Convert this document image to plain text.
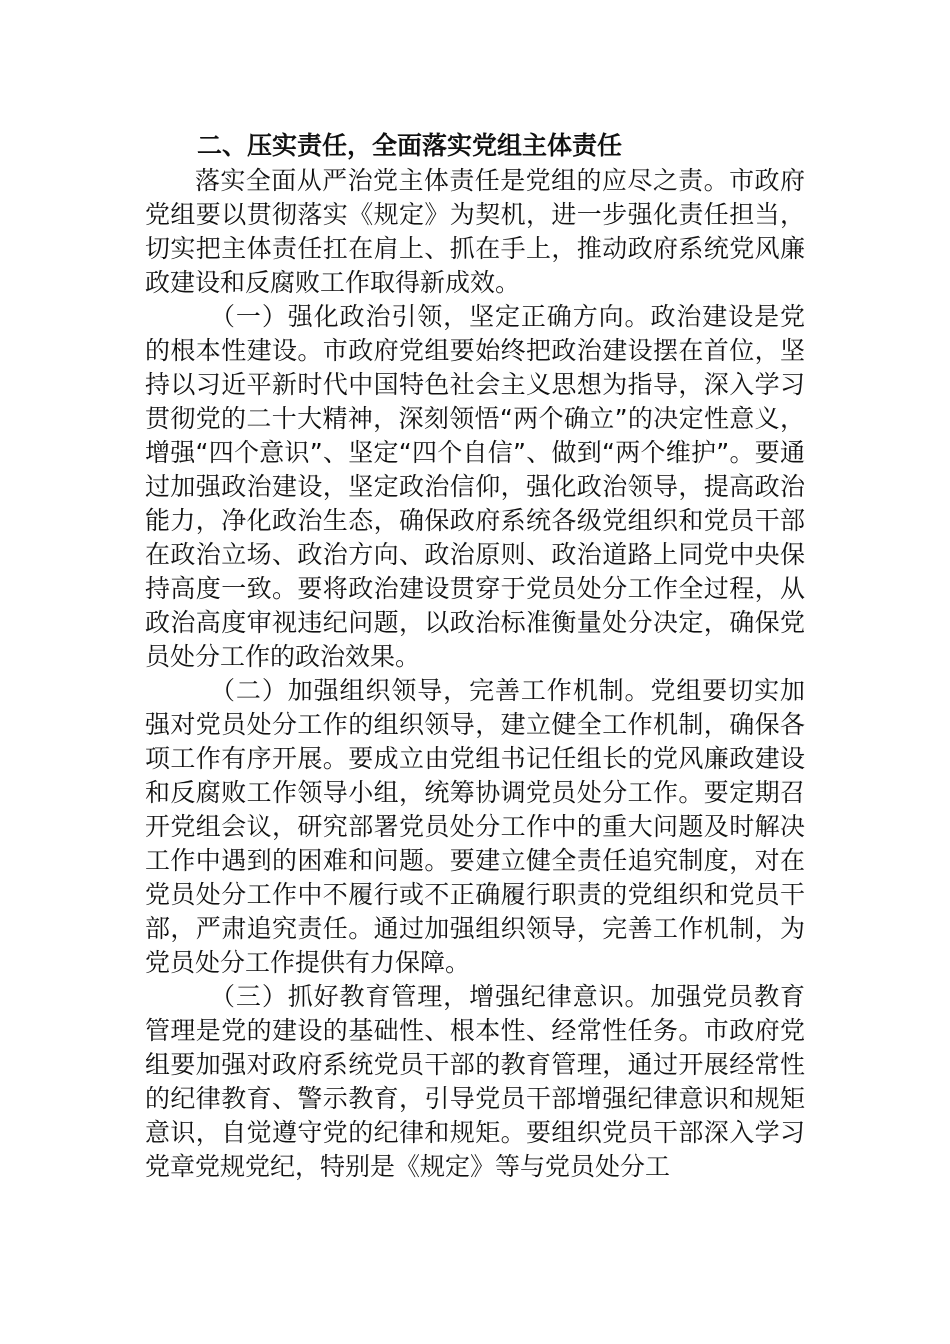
二、压实责任，全面落实党组主体责任

落实全面从严治党主体责任是党组的应尽之责。市政府党组要以贯彻落实《规定》为契机，进一步强化责任担当，切实把主体责任扛在肩上、抓在手上，推动政府系统党风廉政建设和反腐败工作取得新成效。

（一）强化政治引领，坚定正确方向。政治建设是党的根本性建设。市政府党组要始终把政治建设摆在首位，坚持以习近平新时代中国特色社会主义思想为指导，深入学习贯彻党的二十大精神，深刻领悟“两个确立”的决定性意义，增强“四个意识”、坚定“四个自信”、做到“两个维护”。要通过加强政治建设，坚定政治信仰，强化政治领导，提高政治能力，净化政治生态，确保政府系统各级党组织和党员干部在政治立场、政治方向、政治原则、政治道路上同党中央保持高度一致。要将政治建设贯穿于党员处分工作全过程，从政治高度审视违纪问题，以政治标准衡量处分决定，确保党员处分工作的政治效果。

（二）加强组织领导，完善工作机制。党组要切实加强对党员处分工作的组织领导，建立健全工作机制，确保各项工作有序开展。要成立由党组书记任组长的党风廉政建设和反腐败工作领导小组，统筹协调党员处分工作。要定期召开党组会议，研究部署党员处分工作中的重大问题及时解决工作中遇到的困难和问题。要建立健全责任追究制度，对在党员处分工作中不履行或不正确履行职责的党组织和党员干部，严肃追究责任。通过加强组织领导，完善工作机制，为党员处分工作提供有力保障。

（三）抓好教育管理，增强纪律意识。加强党员教育管理是党的建设的基础性、根本性、经常性任务。市政府党组要加强对政府系统党员干部的教育管理，通过开展经常性的纪律教育、警示教育，引导党员干部增强纪律意识和规矩意识，自觉遵守党的纪律和规矩。要组织党员干部深入学习党章党规党纪，特别是《规定》等与党员处分工
